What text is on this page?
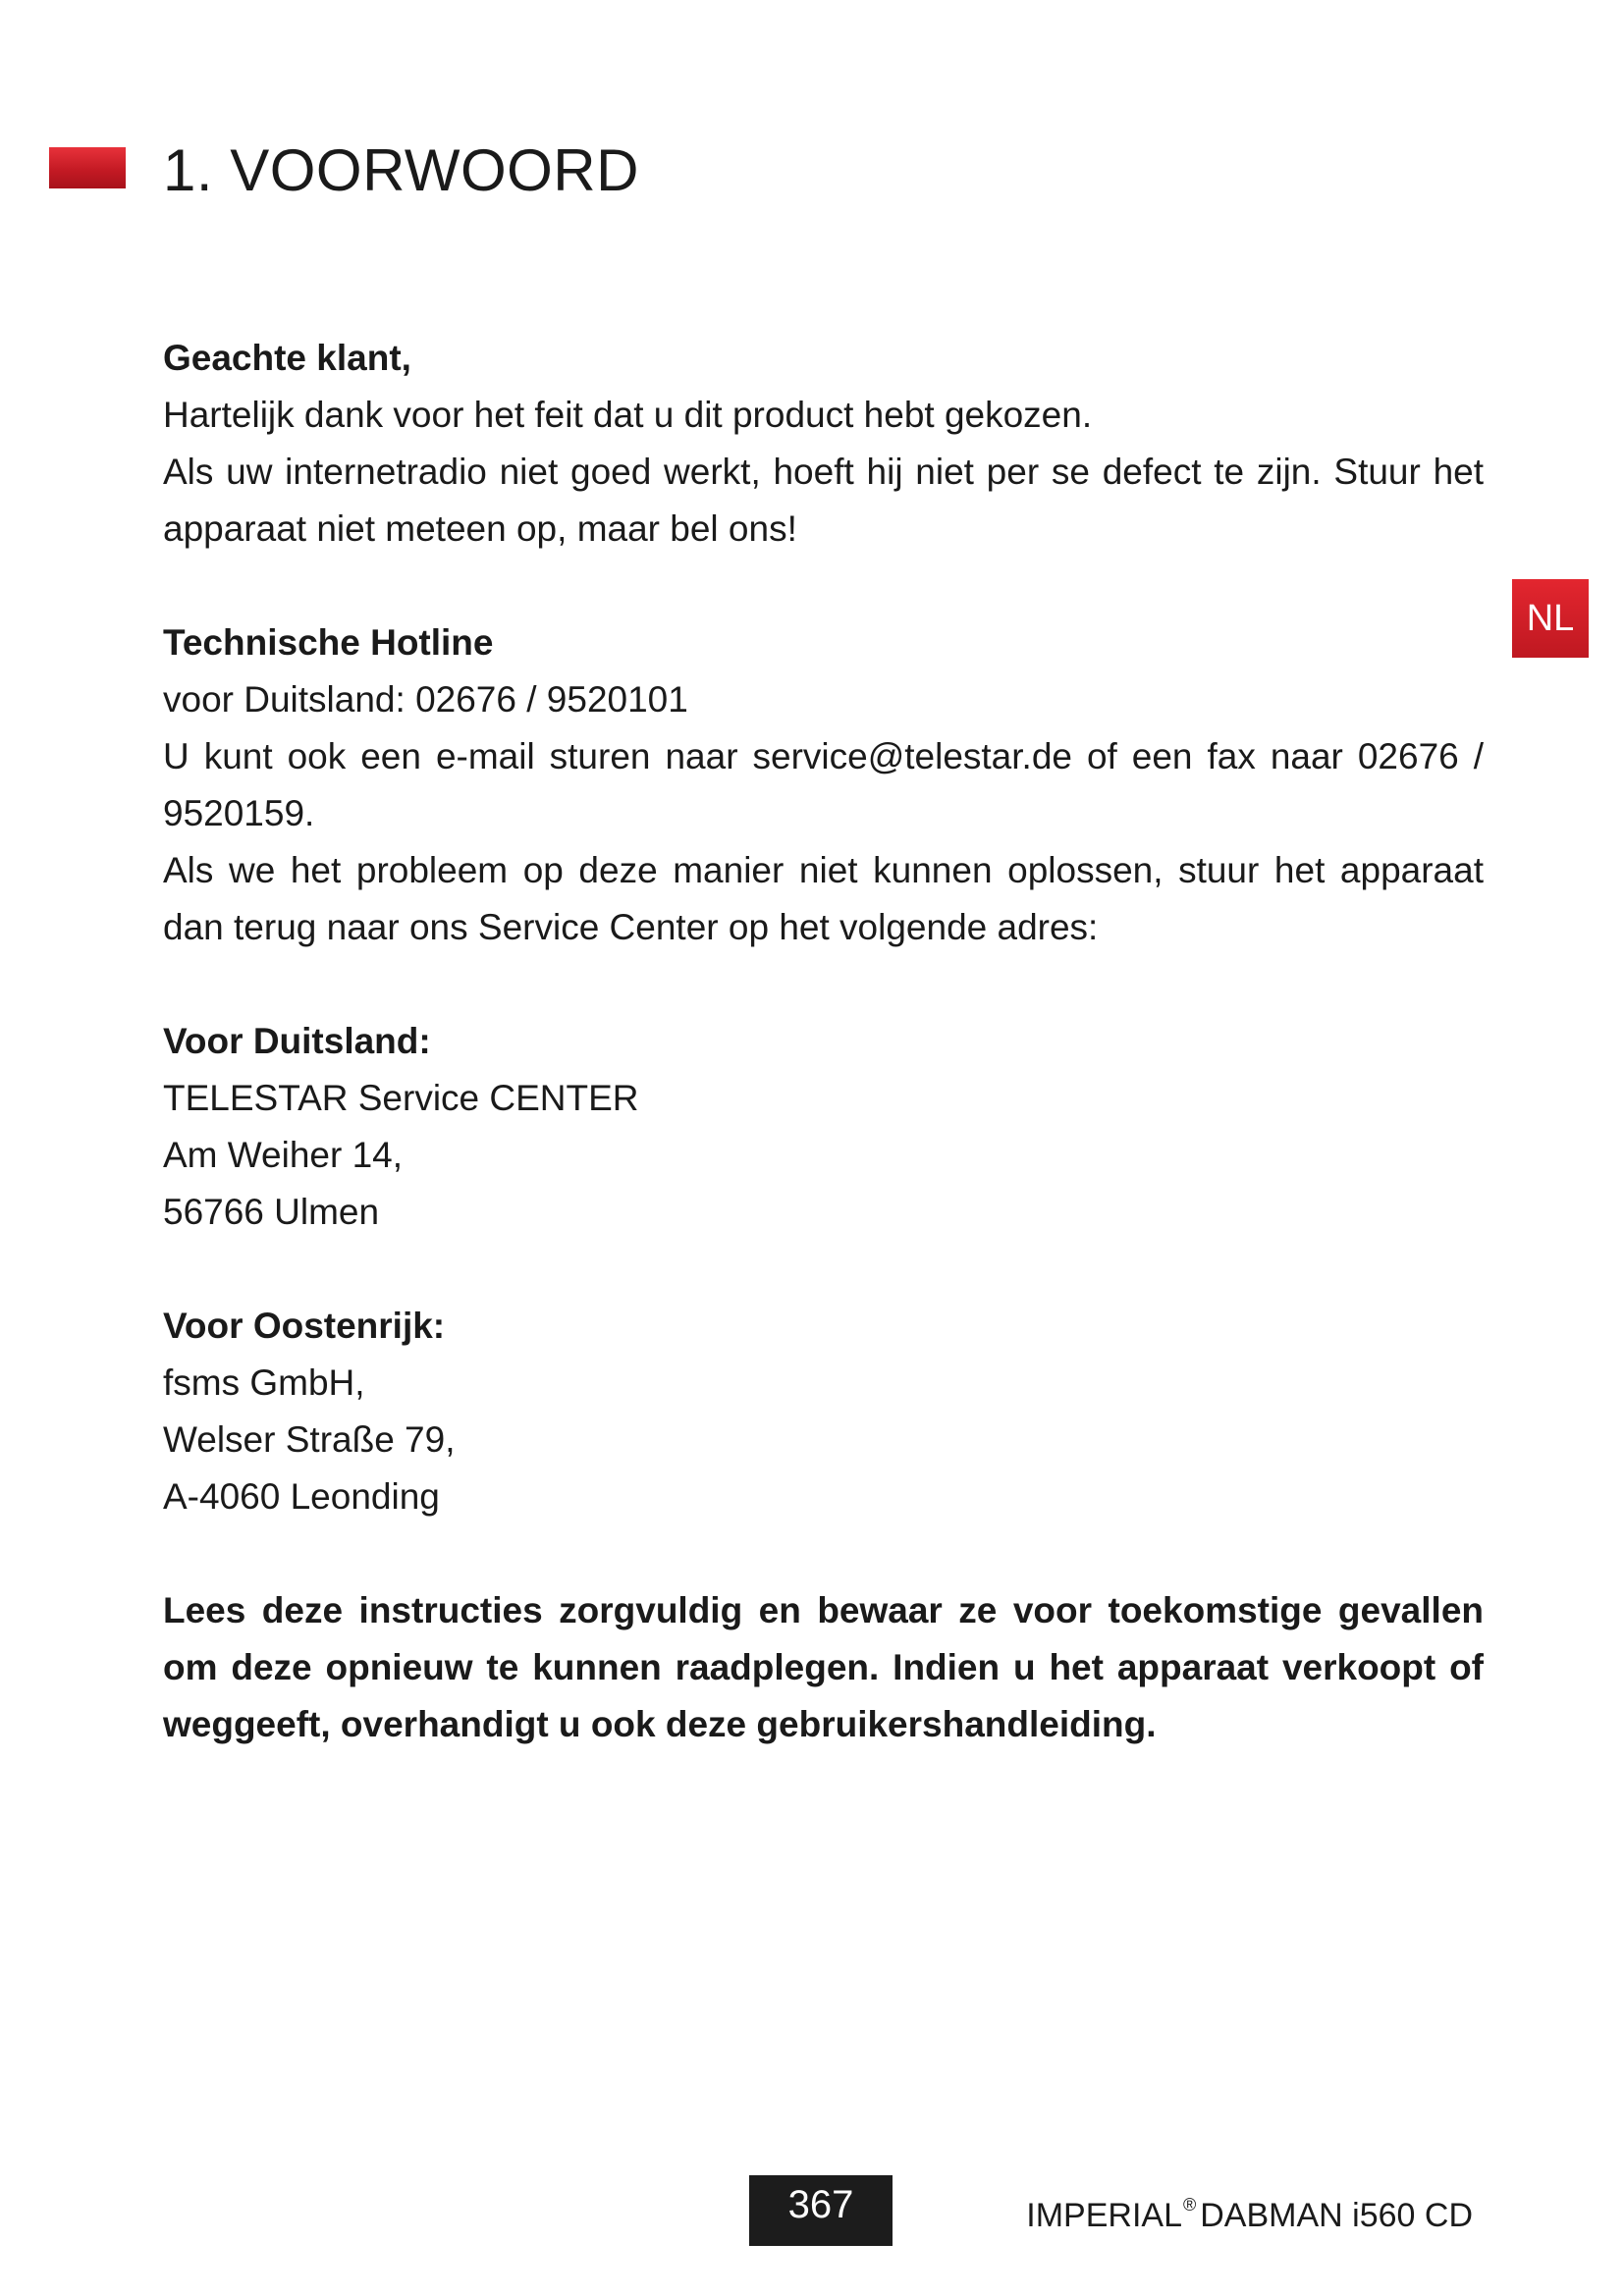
1. VOORWOORD
NL

Geachte klant,

Hartelijk dank voor het feit dat u dit product hebt gekozen.

Als uw internetradio niet goed werkt, hoeft hij niet per se defect te zijn. Stuur het apparaat niet meteen op, maar bel ons!

Technische Hotline

voor Duitsland: 02676 / 9520101

U kunt ook een e-mail sturen naar service@telestar.de of een fax naar 02676 / 9520159.

Als we het probleem op deze manier niet kunnen oplossen, stuur het apparaat dan terug naar ons Service Center op het volgende adres:

Voor Duitsland:

TELESTAR Service CENTER

Am Weiher 14,

56766 Ulmen

Voor Oostenrijk:

fsms GmbH,

Welser Straße 79,

A-4060 Leonding

Lees deze instructies zorgvuldig en bewaar ze voor toekomstige gevallen om deze opnieuw te kunnen raadplegen. Indien u het apparaat verkoopt of weggeeft, overhandigt u ook deze gebruikershandleiding.

367	IMPERIAL® DABMAN i560 CD
